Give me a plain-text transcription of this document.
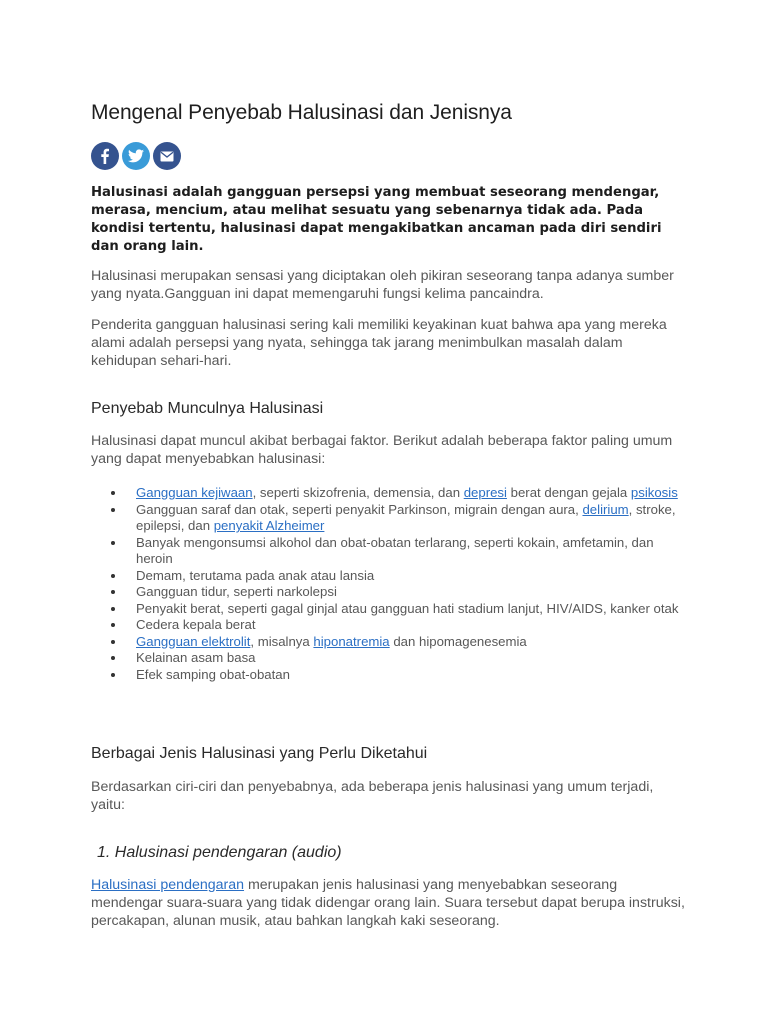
Mengenal Penyebab Halusinasi dan Jenisnya

Halusinasi adalah gangguan persepsi yang membuat seseorang mendengar, merasa, mencium, atau melihat sesuatu yang sebenarnya tidak ada. Pada kondisi tertentu, halusinasi dapat mengakibatkan ancaman pada diri sendiri dan orang lain.

Halusinasi merupakan sensasi yang diciptakan oleh pikiran seseorang tanpa adanya sumber yang nyata.Gangguan ini dapat memengaruhi fungsi kelima pancaindra.

Penderita gangguan halusinasi sering kali memiliki keyakinan kuat bahwa apa yang mereka alami adalah persepsi yang nyata, sehingga tak jarang menimbulkan masalah dalam kehidupan sehari-hari.

Penyebab Munculnya Halusinasi

Halusinasi dapat muncul akibat berbagai faktor. Berikut adalah beberapa faktor paling umum yang dapat menyebabkan halusinasi:

Gangguan kejiwaan, seperti skizofrenia, demensia, dan depresi berat dengan gejala psikosis
Gangguan saraf dan otak, seperti penyakit Parkinson, migrain dengan aura, delirium, stroke, epilepsi, dan penyakit Alzheimer
Banyak mengonsumsi alkohol dan obat-obatan terlarang, seperti kokain, amfetamin, dan heroin
Demam, terutama pada anak atau lansia
Gangguan tidur, seperti narkolepsi
Penyakit berat, seperti gagal ginjal atau gangguan hati stadium lanjut, HIV/AIDS, kanker otak
Cedera kepala berat
Gangguan elektrolit, misalnya hiponatremia dan hipomagenesemia
Kelainan asam basa
Efek samping obat-obatan
Berbagai Jenis Halusinasi yang Perlu Diketahui

Berdasarkan ciri-ciri dan penyebabnya, ada beberapa jenis halusinasi yang umum terjadi, yaitu:

1. Halusinasi pendengaran (audio)

Halusinasi pendengaran merupakan jenis halusinasi yang menyebabkan seseorang mendengar suara-suara yang tidak didengar orang lain. Suara tersebut dapat berupa instruksi, percakapan, alunan musik, atau bahkan langkah kaki seseorang.
